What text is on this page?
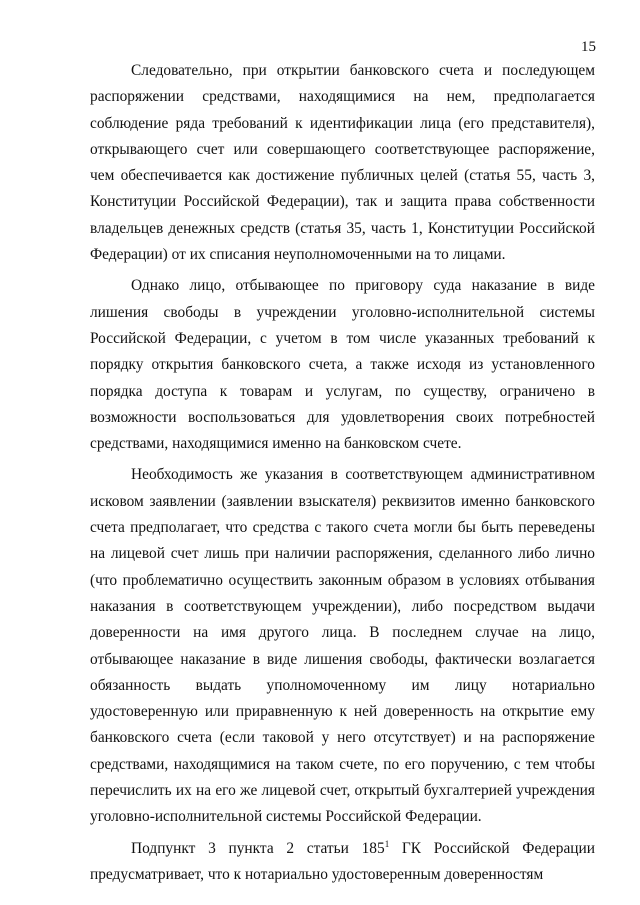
15

Следовательно, при открытии банковского счета и последующем распоряжении средствами, находящимися на нем, предполагается соблюдение ряда требований к идентификации лица (его представителя), открывающего счет или совершающего соответствующее распоряжение, чем обеспечивается как достижение публичных целей (статья 55, часть 3, Конституции Российской Федерации), так и защита права собственности владельцев денежных средств (статья 35, часть 1, Конституции Российской Федерации) от их списания неуполномоченными на то лицами.

Однако лицо, отбывающее по приговору суда наказание в виде лишения свободы в учреждении уголовно-исполнительной системы Российской Федерации, с учетом в том числе указанных требований к порядку открытия банковского счета, а также исходя из установленного порядка доступа к товарам и услугам, по существу, ограничено в возможности воспользоваться для удовлетворения своих потребностей средствами, находящимися именно на банковском счете.

Необходимость же указания в соответствующем административном исковом заявлении (заявлении взыскателя) реквизитов именно банковского счета предполагает, что средства с такого счета могли бы быть переведены на лицевой счет лишь при наличии распоряжения, сделанного либо лично (что проблематично осуществить законным образом в условиях отбывания наказания в соответствующем учреждении), либо посредством выдачи доверенности на имя другого лица. В последнем случае на лицо, отбывающее наказание в виде лишения свободы, фактически возлагается обязанность выдать уполномоченному им лицу нотариально удостоверенную или приравненную к ней доверенность на открытие ему банковского счета (если таковой у него отсутствует) и на распоряжение средствами, находящимися на таком счете, по его поручению, с тем чтобы перечислить их на его же лицевой счет, открытый бухгалтерией учреждения уголовно-исполнительной системы Российской Федерации.

Подпункт 3 пункта 2 статьи $185^1$ ГК Российской Федерации предусматривает, что к нотариально удостоверенным доверенностям
